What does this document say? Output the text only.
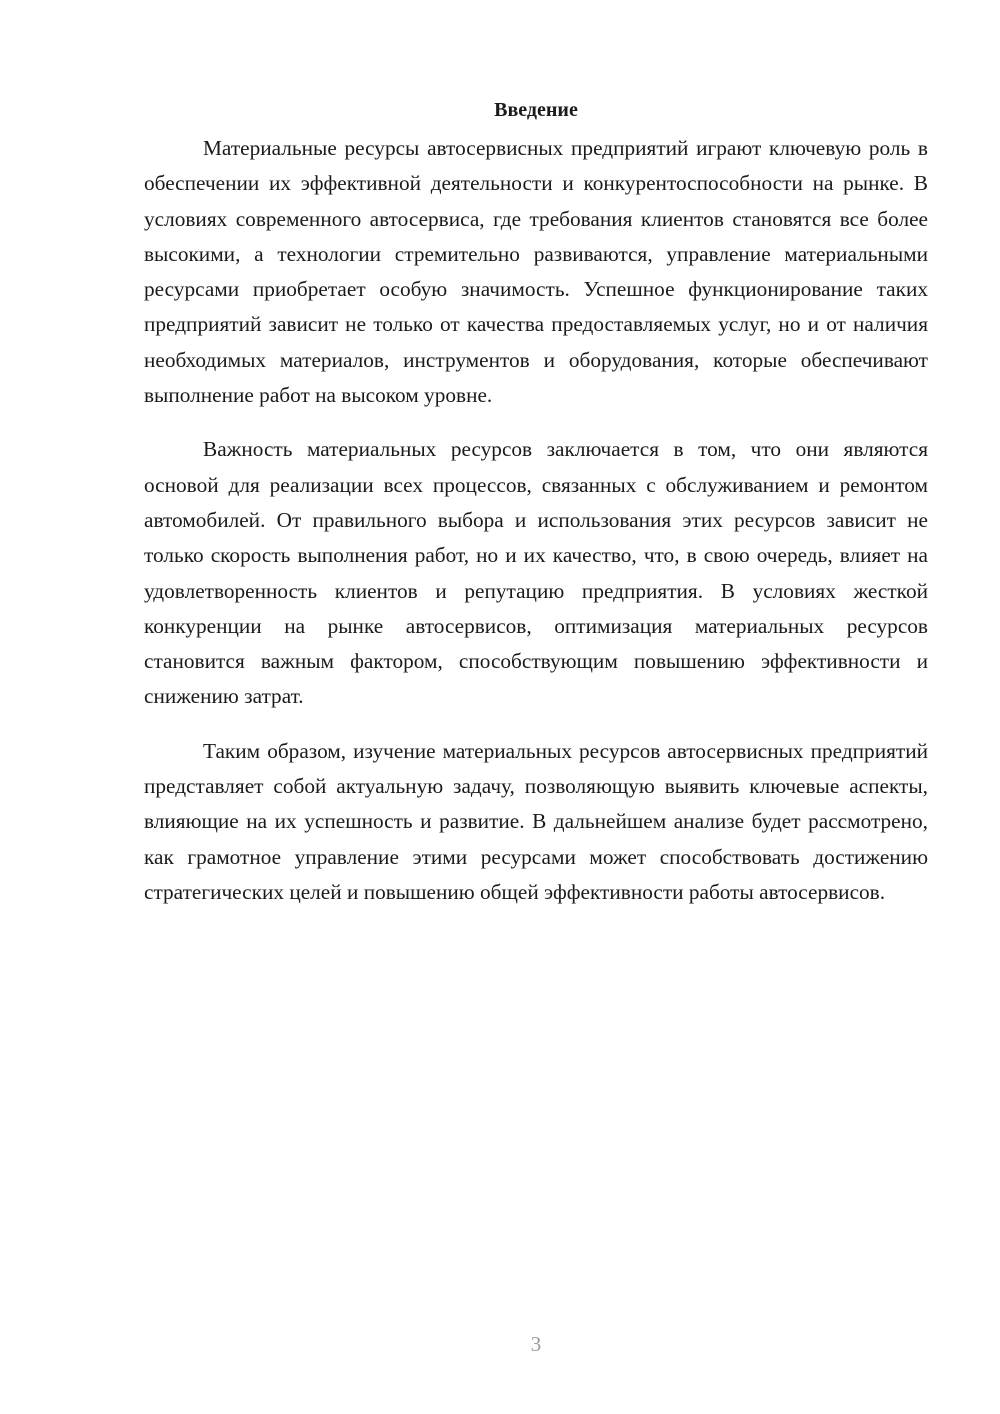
Введение

Материальные ресурсы автосервисных предприятий играют ключевую роль в обеспечении их эффективной деятельности и конкурентоспособности на рынке. В условиях современного автосервиса, где требования клиентов становятся все более высокими, а технологии стремительно развиваются, управление материальными ресурсами приобретает особую значимость. Успешное функционирование таких предприятий зависит не только от качества предоставляемых услуг, но и от наличия необходимых материалов, инструментов и оборудования, которые обеспечивают выполнение работ на высоком уровне.

Важность материальных ресурсов заключается в том, что они являются основой для реализации всех процессов, связанных с обслуживанием и ремонтом автомобилей. От правильного выбора и использования этих ресурсов зависит не только скорость выполнения работ, но и их качество, что, в свою очередь, влияет на удовлетворенность клиентов и репутацию предприятия. В условиях жесткой конкуренции на рынке автосервисов, оптимизация материальных ресурсов становится важным фактором, способствующим повышению эффективности и снижению затрат.

Таким образом, изучение материальных ресурсов автосервисных предприятий представляет собой актуальную задачу, позволяющую выявить ключевые аспекты, влияющие на их успешность и развитие. В дальнейшем анализе будет рассмотрено, как грамотное управление этими ресурсами может способствовать достижению стратегических целей и повышению общей эффективности работы автосервисов.

3
